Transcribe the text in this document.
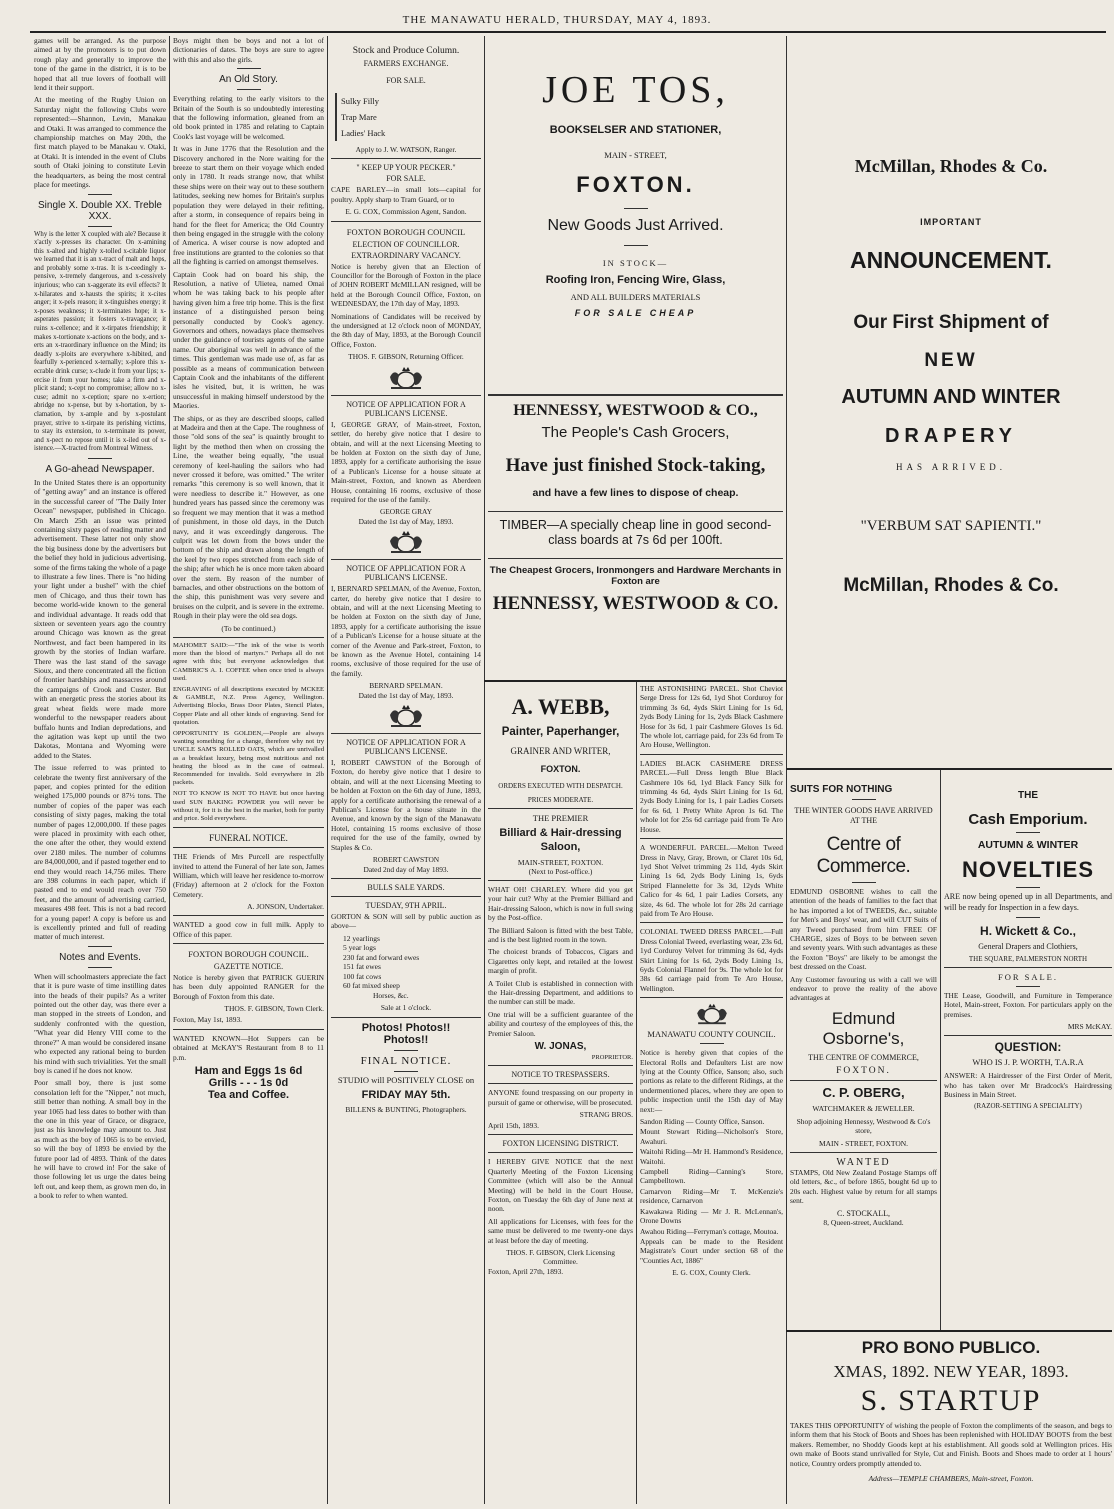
THE MANAWATU HERALD, THURSDAY, MAY 4, 1893.

games will be arranged. As the purpose aimed at by the promoters is to put down rough play and generally to improve the tone of the game in the district, it is to be hoped that all true lovers of football will lend it their support.

At the meeting of the Rugby Union on Saturday night the following Clubs were represented:—Shannon, Levin, Manakau and Otaki. It was arranged to commence the championship matches on May 20th, the first match played to be Manakau v. Otaki, at Otaki. It is intended in the event of Clubs south of Otaki joining to constitute Levin the headquarters, as being the most central place for meetings.

Single X. Double XX. Treble XXX.

Why is the letter X coupled with ale? Because it x'actly x-presses its character. On x-amining this x-alted and highly x-tolled x-citable liquor we learned that it is an x-tract of malt and hops, and probably some x-tras. It is x-ceedingly x-pensive, x-tremely dangerous, and x-cessively injurious; who can x-aggerate its evil effects? It x-hilarates and x-hausts the spirits; it x-cites anger; it x-pels reason; it x-tinguishes energy; it x-poses weakness; it x-terminates hope; it x-asperates passion; it fosters x-travagance; it ruins x-cellence; and it x-tirpates friendship; it makes x-tortionate x-actions on the body, and x-erts an x-traordinary influence on the Mind; its deadly x-ploits are everywhere x-hibited, and fearfully x-perienced x-ternally; x-plore this x-ecrable drink curse; x-clude it from your lips; x-ercise it from your homes; take a firm and x-plicit stand; x-cept no compromise; allow no x-cuse; admit no x-ception; spare no x-ertion; abridge no x-pense, but by x-hortation, by x-clamation, by x-ample and by x-postulant prayer, strive to x-tirpate its perishing victims, to stay its extension, to x-terminate its power, and x-pect no repose until it is x-iled out of x-istence.—X-tracted from Montreal Witness.

A Go-ahead Newspaper.

In the United States there is an opportunity of "getting away" and an instance is offered in the successful career of "The Daily Inter Ocean" newspaper, published in Chicago. On March 25th an issue was printed containing sixty pages of reading matter and advertisement. These latter not only show the big business done by the advertisers but the belief they hold in judicious advertising, some of the firms taking the whole of a page to illustrate a few lines. There is "no hiding your light under a bushel" with the chief men of Chicago, and thus their town has become world-wide known to the general and individual advantage. It reads odd that sixteen or seventeen years ago the country around Chicago was known as the great Northwest, and fact been hampered in its growth by the stories of Indian warfare. There was the last stand of the savage Sioux, and there concentrated all the fiction of frontier hardships and massacres around the campaigns of Crook and Custer. But with an energetic press the stories about its great wheat fields were made more wonderful to the newspaper readers about buffalo hunts and Indian depredations, and the agitation was kept up until the two Dakotas, Montana and Wyoming were added to the States.

The issue referred to was printed to celebrate the twenty first anniversary of the paper, and copies printed for the edition weighed 175,000 pounds or 87½ tons. The number of copies of the paper was each consisting of sixty pages, making the total number of pages 12,000,000. If these pages were placed in proximity with each other, the one after the other, they would extend over 2180 miles. The number of columns are 84,000,000, and if pasted together end to end they would reach 14,756 miles. There are 398 columns in each paper, which if pasted end to end would reach over 750 feet, and the amount of advertising carried, measures 498 feet. This is not a bad record for a young paper! A copy is before us and is excellently printed and full of reading matter of much interest.

Notes and Events.

When will schoolmasters appreciate the fact that it is pure waste of time instilling dates into the heads of their pupils? As a writer pointed out the other day, was there ever a man stopped in the streets of London, and suddenly confronted with the question, "What year did Henry VIII come to the throne?" A man would be considered insane who expected any rational being to burden his mind with such trivialities. Yet the small boy is caned if he does not know.

Poor small boy, there is just some consolation left for the "Nipper," not much, still better than nothing. A small boy in the year 1065 had less dates to bother with than the one in this year of Grace, or disgrace, just as his knowledge may amount to. Just as much as the boy of 1065 is to be envied, so will the boy of 1893 be envied by the future poor lad of 4893. Think of the dates he will have to crowd in! For the sake of those following let us urge the dates being left out, and keep them, as grown men do, in a book to refer to when wanted.

Boys might then be boys and not a lot of dictionaries of dates. The boys are sure to agree with this and also the girls.

An Old Story.

Everything relating to the early visitors to the Britain of the South is so undoubtedly interesting that the following information, gleaned from an old book printed in 1785 and relating to Captain Cook's last voyage will be welcomed.

It was in June 1776 that the Resolution and the Discovery anchored in the Nore waiting for the breeze to start them on their voyage which ended only in 1780. It reads strange now, that whilst these ships were on their way out to these southern latitudes, seeking new homes for Britain's surplus population they were delayed in their refitting, after a storm, in consequence of repairs being in hand for the fleet for America; the Old Country then being engaged in the struggle with the colony of America. A wiser course is now adopted and free institutions are granted to the colonies so that all the fighting is carried on amongst themselves.

Captain Cook had on board his ship, the Resolution, a native of Ulietea, named Omai whom he was taking back to his people after having given him a free trip home. This is the first instance of a distinguished person being personally conducted by Cook's agency. Governors and others, nowadays place themselves under the guidance of tourists agents of the same name. Our aboriginal was well in advance of the times. This gentleman was made use of, as far as possible as a means of communication between Captain Cook and the inhabitants of the different isles he visited, but, it is written, he was unsuccessful in making himself understood by the Maories.

The ships, or as they are described sloops, called at Madeira and then at the Cape. The roughness of those "old sons of the sea" is quaintly brought to light by the method then when on crossing the Line, the weather being equally, "the usual ceremony of keel-hauling the sailors who had never crossed it before, was omitted." The writer remarks "this ceremony is so well known, that it were needless to describe it." However, as one hundred years has passed since the ceremony was so frequent we may mention that it was a method of punishment, in those old days, in the Dutch navy, and it was exceedingly dangerous. The culprit was let down from the bows under the bottom of the ship and drawn along the length of the keel by two ropes stretched from each side of the ship; after which he is once more taken aboard over the stern. By reason of the number of barnacles, and other obstructions on the bottom of the ship, this punishment was very severe and bruises on the culprit, and is severe in the extreme. Rough in their play were the old sea dogs.

(To be continued.)

MAHOMET SAID:—"The ink of the wise is worth more than the blood of martyrs." Perhaps all do not agree with this; but everyone acknowledges that CAMBRIC'S A. I. COFFEE when once tried is always used.

ENGRAVING of all descriptions executed by MCKEE & GAMBLE, N.Z. Press Agency, Wellington. Advertising Blocks, Brass Door Plates, Stencil Plates, Copper Plate and all other kinds of engraving. Send for quotation.

OPPORTUNITY IS GOLDEN,—People are always wanting something for a change, therefore why not try UNCLE SAM'S ROLLED OATS, which are unrivalled as a breakfast luxury, being most nutritious and not heating the blood as in the case of oatmeal. Recommended for invalids. Sold everywhere in 2lb packets.

NOT TO KNOW IS NOT TO HAVE but once having used SUN BAKING POWDER you will never be without it, for it is the best in the market, both for purity and price. Sold everywhere.

FUNERAL NOTICE.

THE Friends of Mrs Purcell are respectfully invited to attend the Funeral of her late son, James William, which will leave her residence to-morrow (Friday) afternoon at 2 o'clock for the Foxton Cemetery.

A. JONSON, Undertaker.

WANTED a good cow in full milk. Apply to Office of this paper.

FOXTON BOROUGH COUNCIL.
GAZETTE NOTICE.

Notice is hereby given that PATRICK GUERIN has been duly appointed RANGER for the Borough of Foxton from this date.

THOS. F. GIBSON, Town Clerk.

Foxton, May 1st, 1893.

WANTED KNOWN—Hot Suppers can be obtained at McKAY'S Restaurant from 8 to 11 p.m.

Ham and Eggs 1s 6d
Grills - - - 1s 0d
Tea and Coffee.
Stock and Produce Column.
FARMERS EXCHANGE.
FOR SALE.
Sulky Filly
Trap Mare
Ladies' Hack

Apply to J. W. WATSON, Ranger.

" KEEP UP YOUR PECKER."
FOR SALE.

CAPE BARLEY—in small lots—capital for poultry. Apply sharp to Tram Guard, or to

E. G. COX, Commission Agent, Sandon.

FOXTON BOROUGH COUNCIL
ELECTION OF COUNCILLOR.
EXTRAORDINARY VACANCY.

Notice is hereby given that an Election of Councillor for the Borough of Foxton in the place of JOHN ROBERT McMILLAN resigned, will be held at the Borough Council Office, Foxton, on WEDNESDAY, the 17th day of May, 1893.

Nominations of Candidates will be received by the undersigned at 12 o'clock noon of MONDAY, the 8th day of May, 1893, at the Borough Council Office, Foxton.

THOS. F. GIBSON, Returning Officer.

NOTICE OF APPLICATION FOR A PUBLICAN'S LICENSE.

I, GEORGE GRAY, of Main-street, Foxton, settler, do hereby give notice that I desire to obtain, and will at the next Licensing Meeting to be holden at Foxton on the sixth day of June, 1893, apply for a certificate authorising the issue of a Publican's License for a house situate at Main-street, Foxton, and known as Aberdeen House, containing 16 rooms, exclusive of those required for the use of the family.

GEORGE GRAY

Dated the 1st day of May, 1893.

NOTICE OF APPLICATION FOR A PUBLICAN'S LICENSE.

I, BERNARD SPELMAN, of the Avenue, Foxton, carter, do hereby give notice that I desire to obtain, and will at the next Licensing Meeting to be holden at Foxton on the sixth day of June, 1893, apply for a certificate authorising the issue of a Publican's License for a house situate at the corner of the Avenue and Park-street, Foxton, to be known as the Avenue Hotel, containing 14 rooms, exclusive of those required for the use of the family.

BERNARD SPELMAN.

Dated the 1st day of May, 1893.

NOTICE OF APPLICATION FOR A PUBLICAN'S LICENSE.

I, ROBERT CAWSTON of the Borough of Foxton, do hereby give notice that I desire to obtain, and will at the next Licensing Meeting to be holden at Foxton on the 6th day of June, 1893, apply for a certificate authorising the renewal of a Publican's License for a house situate in the Avenue, and known by the sign of the Manawatu Hotel, containing 15 rooms exclusive of those required for the use of the family, owned by Staples & Co.

ROBERT CAWSTON

Dated 2nd day of May 1893.

BULLS SALE YARDS.
TUESDAY, 9TH APRIL.

GORTON & SON will sell by public auction as above—

12 yearlings
5 year logs
230 fat and forward ewes
151 fat ewes
100 fat cows
60 fat mixed sheep
Horses, &c.

Sale at 1 o'clock.

Photos! Photos!!
Photos!!
FINAL NOTICE.

STUDIO will POSITIVELY CLOSE on

FRIDAY MAY 5th.

BILLENS & BUNTING, Photographers.

JOE TOS,
BOOKSELSER AND STATIONER,
MAIN - STREET,
FOXTON.
New Goods Just Arrived.
IN STOCK—
Roofing Iron, Fencing Wire, Glass,
AND ALL BUILDERS MATERIALS
FOR SALE CHEAP
HENNESSY, WESTWOOD & CO.,
The People's Cash Grocers,
Have just finished Stock-taking,
and have a few lines to dispose of cheap.
TIMBER—A specially cheap line in good second-class boards at 7s 6d per 100ft.
The Cheapest Grocers, Ironmongers and Hardware Merchants in Foxton are
HENNESSY, WESTWOOD & CO.
A. WEBB,
Painter, Paperhanger,
GRAINER AND WRITER,
FOXTON.
ORDERS EXECUTED WITH DESPATCH.
PRICES MODERATE.
THE PREMIER
Billiard & Hair-dressing Saloon,
MAIN-STREET, FOXTON.
(Next to Post-office.)

WHAT OH! CHARLEY. Where did you get your hair cut? Why at the Premier Billiard and Hair-dressing Saloon, which is now in full swing by the Post-office.

The Billiard Saloon is fitted with the best Table, and is the best lighted room in the town.

The choicest brands of Tobaccos, Cigars and Cigarettes only kept, and retailed at the lowest margin of profit.

A Toilet Club is established in connection with the Hair-dressing Department, and additions to the number can still be made.

One trial will be a sufficient guarantee of the ability and courtesy of the employees of this, the Premier Saloon.

W. JONAS,

PROPRIETOR.

NOTICE TO TRESPASSERS.

ANYONE found trespassing on our property in pursuit of game or otherwise, will be prosecuted.

STRANG BROS.

April 15th, 1893.

FOXTON LICENSING DISTRICT.

I HEREBY GIVE NOTICE that the next Quarterly Meeting of the Foxton Licensing Committee (which will also be the Annual Meeting) will be held in the Court House, Foxton, on Tuesday the 6th day of June next at noon.

All applications for Licenses, with fees for the same must be delivered to me twenty-one days at least before the day of meeting.

THOS. F. GIBSON, Clerk Licensing Committee.

Foxton, April 27th, 1893.

THE ASTONISHING PARCEL. Shot Cheviot Serge Dress for 12s 6d, 1yd Shot Corduroy for trimming 3s 6d, 4yds Skirt Lining for 1s 6d, 2yds Body Lining for 1s, 2yds Black Cashmere Hose for 3s 6d, 1 pair Cashmere Gloves 1s 6d. The whole lot, carriage paid, for 23s 6d from Te Aro House, Wellington.

LADIES BLACK CASHMERE DRESS PARCEL.—Full Dress length Blue Black Cashmere 10s 6d, 1yd Black Fancy Silk for trimming 4s 6d, 4yds Skirt Lining for 1s 6d, 2yds Body Lining for 1s, 1 pair Ladies Corsets for 6s 6d, 1 Pretty White Apron 1s 6d. The whole lot for 25s 6d carriage paid from Te Aro House.

A WONDERFUL PARCEL.—Melton Tweed Dress in Navy, Gray, Brown, or Claret 10s 6d, 1yd Shot Velvet trimming 2s 11d, 4yds Skirt Lining 1s 6d, 2yds Body Lining 1s, 6yds Striped Flannelette for 3s 3d, 12yds White Calico for 4s 6d, 1 pair Ladies Corsets, any size, 4s 6d. The whole lot for 28s 2d carriage paid from Te Aro House.

COLONIAL TWEED DRESS PARCEL.—Full Dress Colonial Tweed, everlasting wear, 23s 6d, 1yd Corduroy Velvet for trimming 3s 6d, 4yds Skirt Lining for 1s 6d, 2yds Body Lining 1s, 6yds Colonial Flannel for 9s. The whole lot for 38s 6d carriage paid from Te Aro House, Wellington.

MANAWATU COUNTY COUNCIL.

Notice is hereby given that copies of the Electoral Rolls and Defaulters List are now lying at the County Office, Sanson; also, such portions as relate to the different Ridings, at the undermentioned places, where they are open to public inspection until the 15th day of May next:—

Sandon Riding — County Office, Sanson.

Mount Stewart Riding—Nicholson's Store, Awahuri.

Waitohi Riding—Mr H. Hammond's Residence, Waitohi.

Campbell Riding—Canning's Store, Campbelltown.

Carnarvon Riding—Mr T. McKenzie's residence, Carnarvon

Kawakawa Riding — Mr J. R. McLennan's, Orone Downs

Awahou Riding—Ferryman's cottage, Moutoa.

Appeals can be made to the Resident Magistrate's Court under section 68 of the "Counties Act, 1886"

E. G. COX, County Clerk.

McMillan, Rhodes & Co.
IMPORTANT
ANNOUNCEMENT.
Our First Shipment of
NEW
AUTUMN AND WINTER
DRAPERY
HAS ARRIVED.
"VERBUM SAT SAPIENTI."
McMillan, Rhodes & Co.
SUITS FOR NOTHING
THE WINTER GOODS HAVE ARRIVED AT THE
Centre of Commerce.

EDMUND OSBORNE wishes to call the attention of the heads of families to the fact that he has imported a lot of TWEEDS, &c., suitable for Men's and Boys' wear, and will CUT Suits of any Tweed purchased from him FREE OF CHARGE, sizes of Boys to be between seven and seventy years. With such advantages as these the Foxton "Boys" are likely to be amongst the best dressed on the Coast.

Any Customer favouring us with a call we will endeavor to prove the reality of the above advantages at

Edmund Osborne's,
THE CENTRE OF COMMERCE,
FOXTON.
C. P. OBERG,
WATCHMAKER & JEWELLER.
Shop adjoining Hennessy, Westwood & Co's store,
MAIN - STREET, FOXTON.
WANTED

STAMPS, Old New Zealand Postage Stamps off old letters, &c., of before 1865, bought 6d up to 20s each. Highest value by return for all stamps sent.

C. STOCKALL,
8, Queen-street, Auckland.
THE
Cash Emporium.
AUTUMN & WINTER
NOVELTIES

ARE now being opened up in all Departments, and will be ready for Inspection in a few days.

H. Wickett & Co.,
General Drapers and Clothiers,
THE SQUARE, PALMERSTON NORTH
FOR SALE.

THE Lease, Goodwill, and Furniture in Temperance Hotel, Main-street, Foxton. For particulars apply on the premises.

MRS McKAY.

QUESTION:
WHO IS J. P. WORTH, T.A.R.A

ANSWER: A Hairdresser of the First Order of Merit, who has taken over Mr Bradcock's Hairdressing Business in Main Street.

(RAZOR-SETTING A SPECIALITY)
PRO BONO PUBLICO.
XMAS, 1892. NEW YEAR, 1893.
S. STARTUP

TAKES THIS OPPORTUNITY of wishing the people of Foxton the compliments of the season, and begs to inform them that his Stock of Boots and Shoes has been replenished with HOLIDAY BOOTS from the best makers. Remember, no Shoddy Goods kept at his establishment. All goods sold at Wellington prices. His own make of Boots stand unrivalled for Style, Cut and Finish. Boots and Shoes made to order at 1 hours' notice, Country orders promptly attended to.

Address—TEMPLE CHAMBERS, Main-street, Foxton.
